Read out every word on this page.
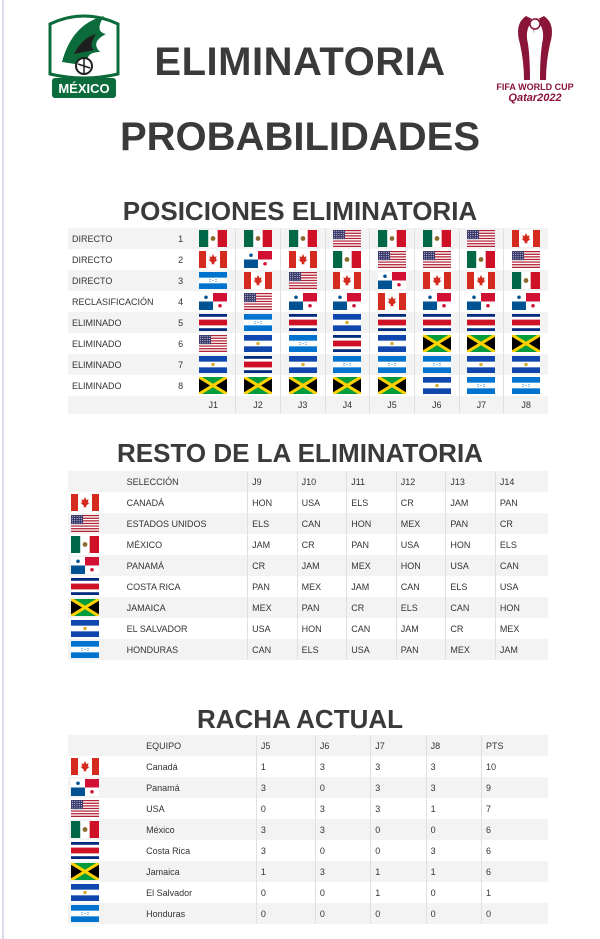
MÉXICO	FIFA WORLD CUP
Qatar2022
ELIMINATORIA
PROBABILIDADES
POSICIONES ELIMINATORIA
DIRECTO	1	

DIRECTO	2	

DIRECTO	3	

RECLASIFICACIÓN	4	

ELIMINADO	5	

ELIMINADO	6	

ELIMINADO	7	

ELIMINADO	8	

		J1	J2	J3	J4	J5	J6	J7	J8
RESTO DE LA ELIMINATORIA
	SELECCIÓN	J9	J10	J11	J12	J13	J14

	CANADÁ	HON	USA	ELS	CR	JAM	PAN

	ESTADOS UNIDOS	ELS	CAN	HON	MEX	PAN	CR

	MÉXICO	JAM	CR	PAN	USA	HON	ELS

	PANAMÁ	CR	JAM	MEX	HON	USA	CAN

	COSTA RICA	PAN	MEX	JAM	CAN	ELS	USA

	JAMAICA	MEX	PAN	CR	ELS	CAN	HON

	EL SALVADOR	USA	HON	CAN	JAM	CR	MEX

	HONDURAS	CAN	ELS	USA	PAN	MEX	JAM
RACHA ACTUAL
	EQUIPO	J5	J6	J7	J8	PTS

	Canadá	1	3	3	3	10

	Panamá	3	0	3	3	9

	USA	0	3	3	1	7

	México	3	3	0	0	6

	Costa Rica	3	0	0	3	6

	Jamaica	1	3	1	1	6

	El Salvador	0	0	1	0	1

	Honduras	0	0	0	0	0
